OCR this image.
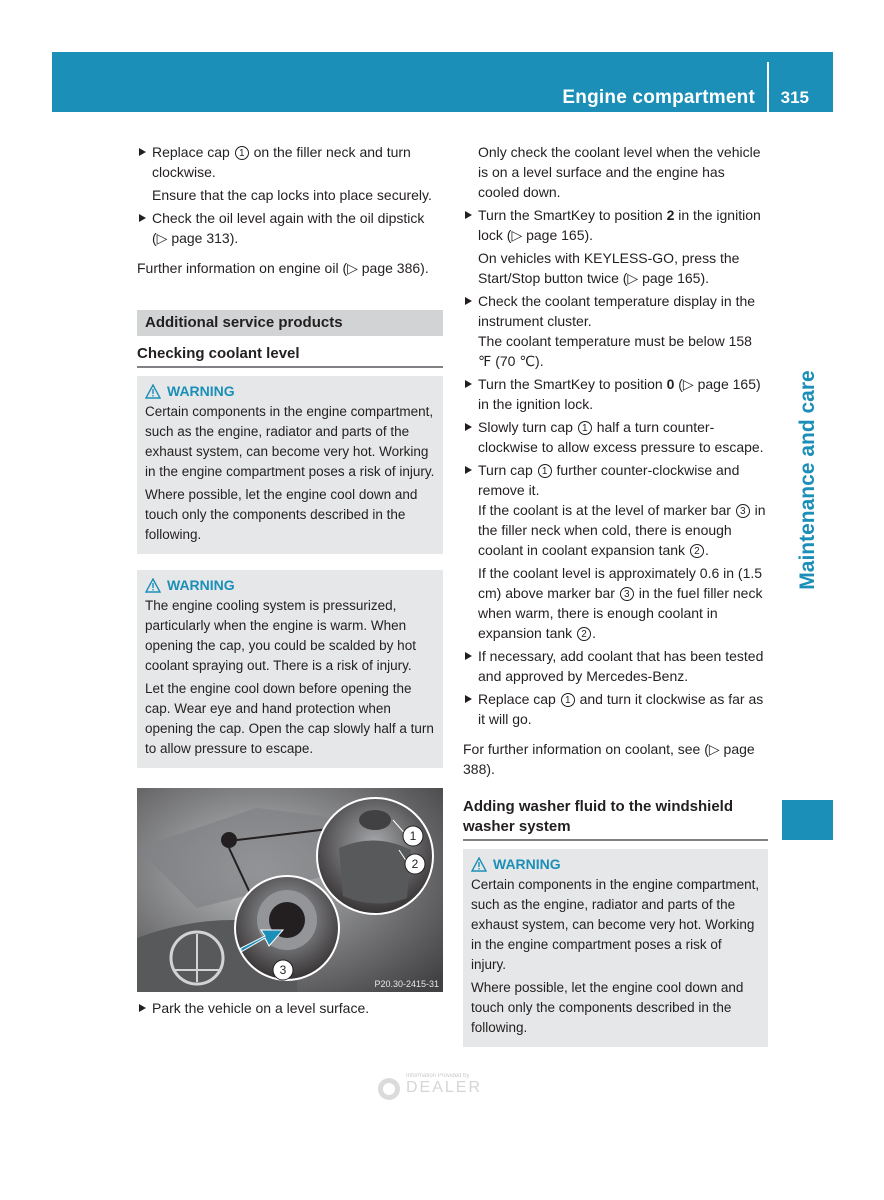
Engine compartment 315
Maintenance and care

Replace cap 1 on the filler neck and turn clockwise.

Ensure that the cap locks into place securely.

Check the oil level again with the oil dipstick (▷ page 313).

Further information on engine oil (▷ page 386).

Additional service products
Checking coolant level
WARNING

Certain components in the engine compartment, such as the engine, radiator and parts of the exhaust system, can become very hot. Working in the engine compartment poses a risk of injury.

Where possible, let the engine cool down and touch only the components described in the following.

WARNING

The engine cooling system is pressurized, particularly when the engine is warm. When opening the cap, you could be scalded by hot coolant spraying out. There is a risk of injury.

Let the engine cool down before opening the cap. Wear eye and hand protection when opening the cap. Open the cap slowly half a turn to allow pressure to escape.

1
2
3
P20.30-2415-31

Park the vehicle on a level surface.

Only check the coolant level when the vehicle is on a level surface and the engine has cooled down.

Turn the SmartKey to position 2 in the ignition lock (▷ page 165).

On vehicles with KEYLESS-GO, press the Start/Stop button twice (▷ page 165).

Check the coolant temperature display in the instrument cluster.

The coolant temperature must be below 158 ℉ (70 ℃).

Turn the SmartKey to position 0 (▷ page 165) in the ignition lock.

Slowly turn cap 1 half a turn counter-clockwise to allow excess pressure to escape.

Turn cap 1 further counter-clockwise and remove it.

If the coolant is at the level of marker bar 3 in the filler neck when cold, there is enough coolant in coolant expansion tank 2 .

If the coolant level is approximately 0.6 in (1.5 cm) above marker bar 3 in the fuel filler neck when warm, there is enough coolant in expansion tank 2 .

If necessary, add coolant that has been tested and approved by Mercedes-Benz.

Replace cap 1 and turn it clockwise as far as it will go.

For further information on coolant, see (▷ page 388).

Adding washer fluid to the windshield washer system
WARNING

Certain components in the engine compartment, such as the engine, radiator and parts of the exhaust system, can become very hot. Working in the engine compartment poses a risk of injury.

Where possible, let the engine cool down and touch only the components described in the following.

Information Provided by
DEALER
